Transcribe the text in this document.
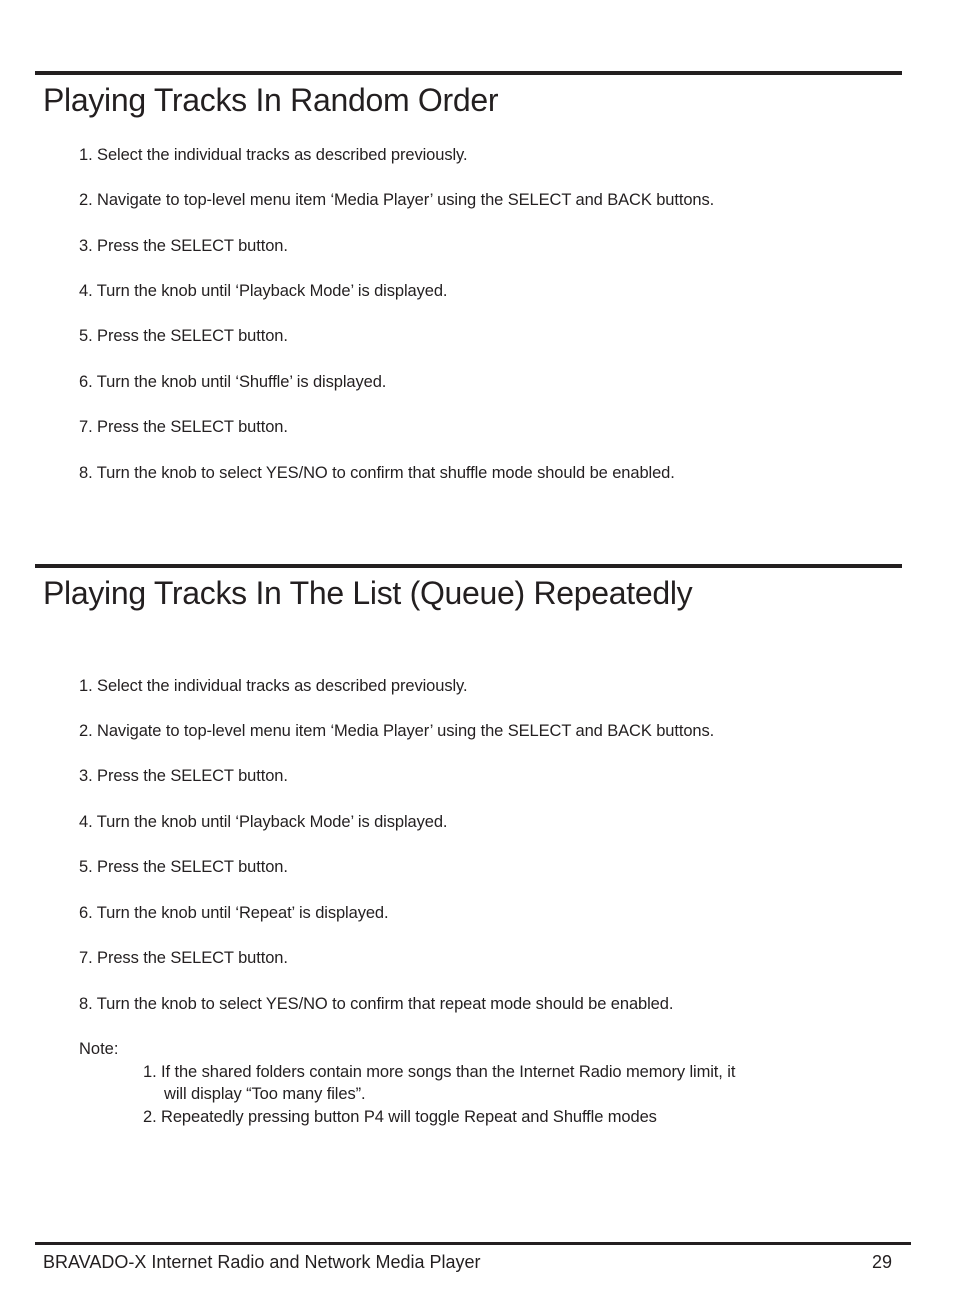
Playing Tracks In Random Order
1. Select the individual tracks as described previously.
2. Navigate to top-level menu item ‘Media Player’ using the SELECT and BACK buttons.
3. Press the SELECT button.
4. Turn the knob until ‘Playback Mode’ is displayed.
5. Press the SELECT button.
6. Turn the knob until ‘Shuffle’ is displayed.
7. Press the SELECT button.
8. Turn the knob to select YES/NO to confirm that shuffle mode should be enabled.
Playing Tracks In The List (Queue) Repeatedly
1. Select the individual tracks as described previously.
2. Navigate to top-level menu item ‘Media Player’ using the SELECT and BACK buttons.
3. Press the SELECT button.
4. Turn the knob until ‘Playback Mode’ is displayed.
5. Press the SELECT button.
6. Turn the knob until ‘Repeat’ is displayed.
7. Press the SELECT button.
8. Turn the knob to select YES/NO to confirm that repeat mode should be enabled.
Note:
1. If the shared folders contain more songs than the Internet Radio memory limit, it
will display “Too many files”.
2. Repeatedly pressing button P4 will toggle Repeat and Shuffle modes
BRAVADO-X Internet Radio and Network Media Player	29
